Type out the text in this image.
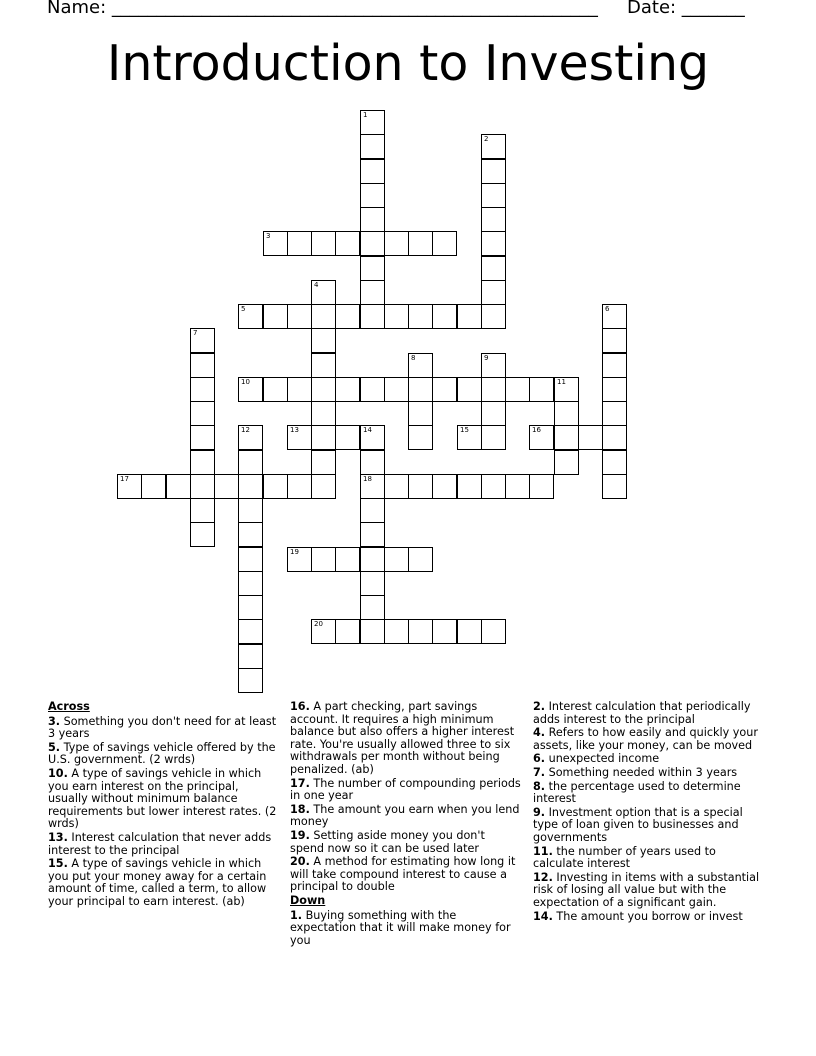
Name: ______________________________________________________ Date: _______
Introduction to Investing
1
2
3
4
5	6
7
8	9
10	11
12	13	14
18
15	16
17
19
20
Across
3. Something you don't need for at least 3 years
5. Type of savings vehicle offered by the U.S. government. (2 wrds)
10. A type of savings vehicle in which you earn interest on the principal, usually without minimum balance requirements but lower interest rates. (2 wrds)
13. Interest calculation that never adds interest to the principal
15. A type of savings vehicle in which you put your money away for a certain amount of time, called a term, to allow your principal to earn interest. (ab)
16. A part checking, part savings account. It requires a high minimum balance but also offers a higher interest rate. You're usually allowed three to six withdrawals per month without being penalized. (ab)
17. The number of compounding periods in one year
18. The amount you earn when you lend money
19. Setting aside money you don't spend now so it can be used later
20. A method for estimating how long it will take compound interest to cause a principal to double
Down
1. Buying something with the expectation that it will make money for you
2. Interest calculation that periodically adds interest to the principal
4. Refers to how easily and quickly your assets, like your money, can be moved
6. unexpected income
7. Something needed within 3 years
8. the percentage used to determine interest
9. Investment option that is a special type of loan given to businesses and governments
11. the number of years used to calculate interest
12. Investing in items with a substantial risk of losing all value but with the expectation of a significant gain.
14. The amount you borrow or invest
